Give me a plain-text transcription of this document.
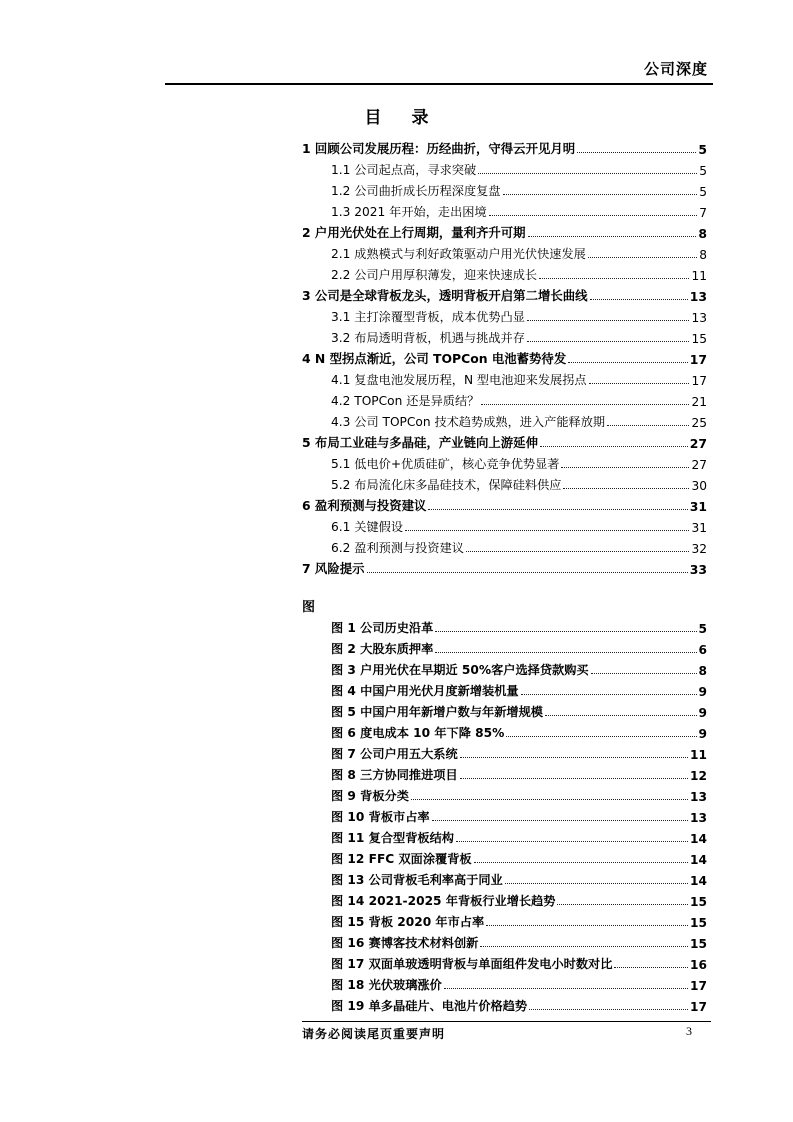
公司深度
目 录
1 回顾公司发展历程：历经曲折，守得云开见月明	5
1.1 公司起点高，寻求突破	5
1.2 公司曲折成长历程深度复盘	5
1.3 2021 年开始，走出困境	7
2 户用光伏处在上行周期，量利齐升可期	8
2.1 成熟模式与利好政策驱动户用光伏快速发展	8
2.2 公司户用厚积薄发，迎来快速成长	11
3 公司是全球背板龙头，透明背板开启第二增长曲线	13
3.1 主打涂覆型背板，成本优势凸显	13
3.2 布局透明背板，机遇与挑战并存	15
4 N 型拐点渐近，公司 TOPCon 电池蓄势待发	17
4.1 复盘电池发展历程，N 型电池迎来发展拐点	17
4.2 TOPCon 还是异质结？	21
4.3 公司 TOPCon 技术趋势成熟，进入产能释放期	25
5 布局工业硅与多晶硅，产业链向上游延伸	27
5.1 低电价+优质硅矿，核心竞争优势显著	27
5.2 布局流化床多晶硅技术，保障硅料供应	30
6 盈利预测与投资建议	31
6.1 关键假设	31
6.2 盈利预测与投资建议	32
7 风险提示	33
图
图 1 公司历史沿革	5
图 2 大股东质押率	6
图 3 户用光伏在早期近 50%客户选择贷款购买	8
图 4 中国户用光伏月度新增装机量	9
图 5 中国户用年新增户数与年新增规模	9
图 6 度电成本 10 年下降 85%	9
图 7 公司户用五大系统	11
图 8 三方协同推进项目	12
图 9 背板分类	13
图 10 背板市占率	13
图 11 复合型背板结构	14
图 12 FFC 双面涂覆背板	14
图 13 公司背板毛利率高于同业	14
图 14 2021-2025 年背板行业增长趋势	15
图 15 背板 2020 年市占率	15
图 16 赛博客技术材料创新	15
图 17 双面单玻透明背板与单面组件发电小时数对比	16
图 18 光伏玻璃涨价	17
图 19 单多晶硅片、电池片价格趋势	17
请务必阅读尾页重要声明	3
